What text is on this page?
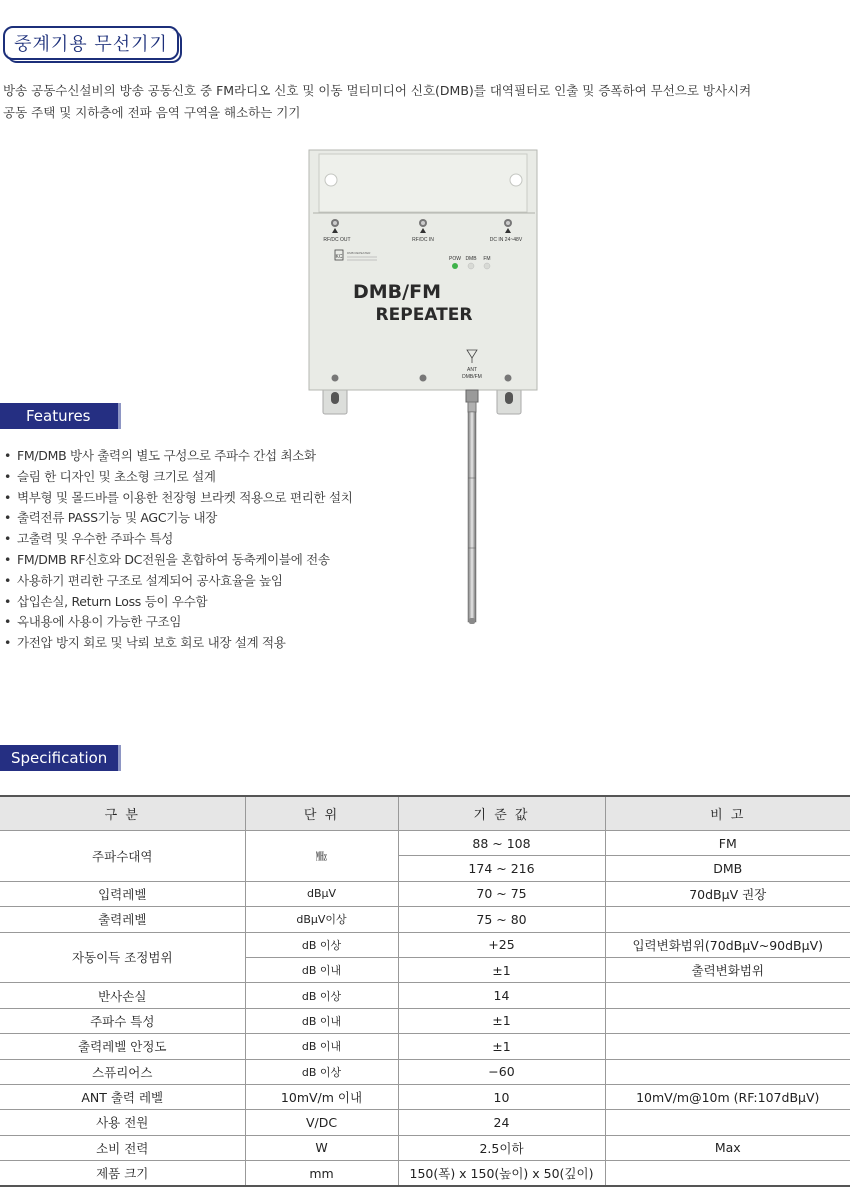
중계기용 무선기기

방송 공동수신설비의 방송 공동신호 중 FM라디오 신호 및 이동 멀티미디어 신호(DMB)를 대역필터로 인출 및 증폭하여 무선으로 방사시켜

공동 주택 및 지하층에 전파 음역 구역을 해소하는 기기

RF/DC OUT	RF/DC IN	DC IN 24~48V
KC
DMB REPEATER
POW DMB FM
DMB/FM
REPEATER
ANT
DMB/FM
Features
• FM/DMB 방사 출력의 별도 구성으로 주파수 간섭 최소화
• 슬림 한 디자인 및 초소형 크기로 설계
• 벽부형 및 몰드바를 이용한 천장형 브라켓 적용으로 편리한 설치
• 출력전류 PASS기능 및 AGC기능 내장
• 고출력 및 우수한 주파수 특성
• FM/DMB RF신호와 DC전원을 혼합하여 동축케이블에 전송
• 사용하기 편리한 구조로 설계되어 공사효율을 높임
• 삽입손실, Return Loss 등이 우수함
• 옥내용에 사용이 가능한 구조임
• 가전압 방지 회로 및 낙뢰 보호 회로 내장 설계 적용
Specification
구 분	단 위	기 준 값	비 고
주파수대역	㎒	88 ~ 108	FM
		174 ~ 216	DMB
입력레벨	dBμV	70 ~ 75	70dBμV 권장
출력레벨	dBμV이상	75 ~ 80	
자동이득 조정범위	dB 이상	+25	입력변화범위(70dBμV~90dBμV)
	dB 이내	±1	출력변화범위
반사손실	dB 이상	14	
주파수 특성	dB 이내	±1	
출력레벨 안정도	dB 이내	±1	
스퓨리어스	dB 이상	−60	
ANT 출력 레벨	10mV/m 이내	10	10mV/m@10m (RF:107dBμV)
사용 전원	V/DC	24	
소비 전력	W	2.5이하	Max
제품 크기	mm	150(폭) x 150(높이) x 50(깊이)	
